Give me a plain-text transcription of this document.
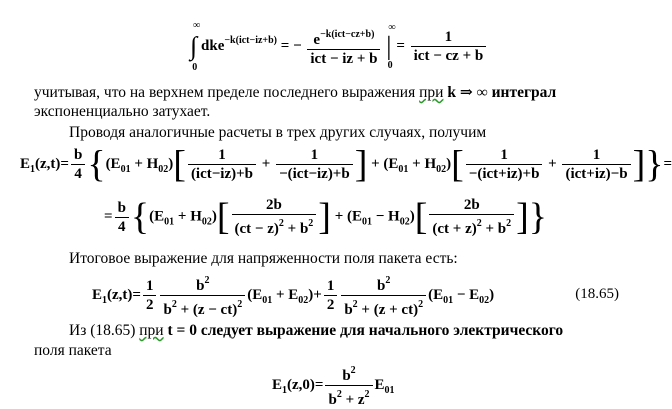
$\int^\infty_0$ dke$^{-k(ict-iz+b)}$ = − $\frac{e^{-k(ict-cz+b)}}{\text{ict − iz + b}} |^\infty_0 = \frac{1}{\text{ict − cz + b}}$
учитывая, что на верхнем пределе последнего выражения при k ⇒ ∞ интеграл
экспоненциально затухает.
Проводя аналогичные расчеты в трех других случаях, получим
$E_1(z,t)= \frac{b}{4} \{(E_{01} + H_{02})[ \frac{1}{\text{(ict−iz)+b}} + \frac{1}{\text{−(ict−iz)+b}}$ ] + $(E_{01} + H_{02})[ \frac{1}{\text{−(ict+iz)+b}} + \frac{1}{\text{(ict+iz)−b}}$ ]}=
= $\frac{b}{4} \{(E_{01} + H_{02})[ \frac{2b}{(ct - z)^2 + b^2}$ ] + $(E_{01} - H_{02})[ \frac{2b}{(ct + z)^2 + b^2}$ ]}
Итоговое выражение для напряженности поля пакета есть:
$E_1(z,t)= \frac{1}{2} \frac{b^2}{b^2 + (z - ct)^2} (E_{01} + E_{02})+ \frac{1}{2} \frac{b^2}{b^2 + (z + ct)^2} (E_{01} - E_{02})$	(18.65)
Из (18.65) при t = 0 следует выражение для начального электрического
поля пакета
$E_1(z,0)= \frac{b^2}{b^2 + z^2} E_{01}$
